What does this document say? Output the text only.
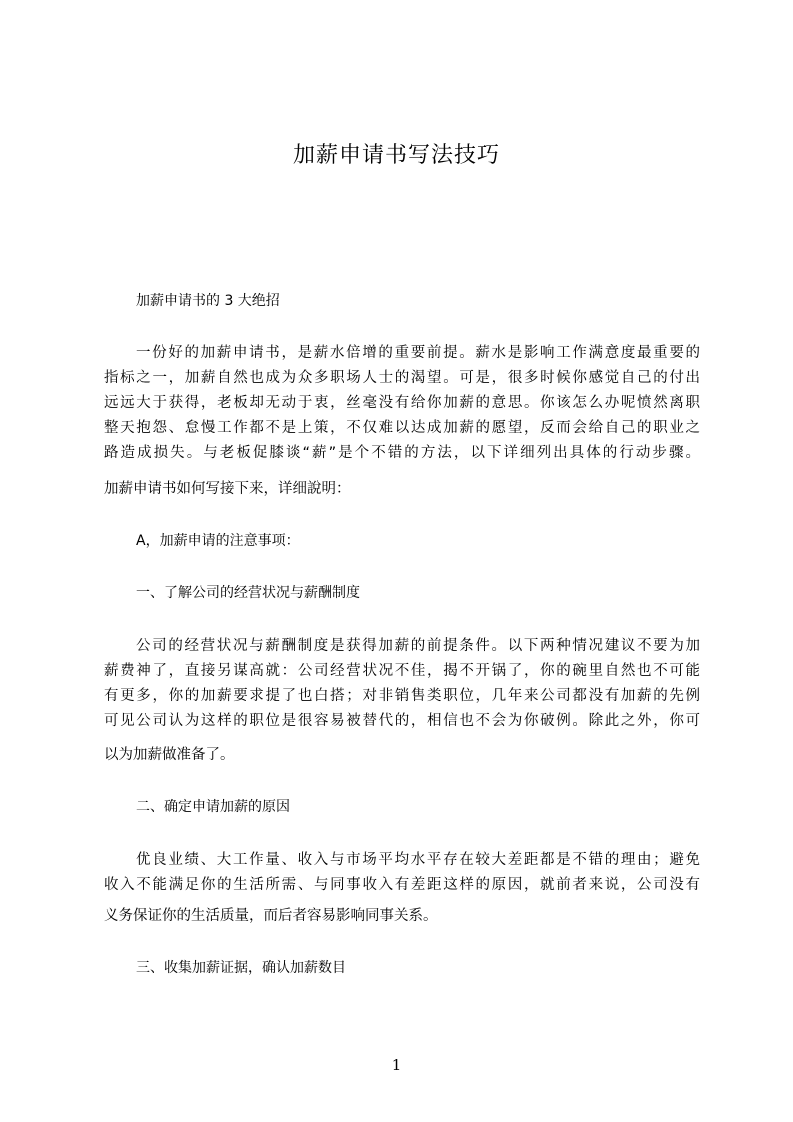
加薪申请书写法技巧

加薪申请书的 3 大绝招

一份好的加薪申请书，是薪水倍增的重要前提。薪水是影响工作满意度最重要的

指标之一，加薪自然也成为众多职场人士的渴望。可是，很多时候你感觉自己的付出

远远大于获得，老板却无动于衷，丝毫没有给你加薪的意思。你该怎么办呢愤然离职

整天抱怨、怠慢工作都不是上策，不仅难以达成加薪的愿望，反而会给自己的职业之

路造成损失。与老板促膝谈“薪”是个不错的方法，以下详细列出具体的行动步骤。

加薪申请书如何写接下来，详细說明：

A，加薪申请的注意事项：

一、了解公司的经营状况与薪酬制度

公司的经营状况与薪酬制度是获得加薪的前提条件。以下两种情况建议不要为加

薪费神了，直接另谋高就：公司经营状况不佳，揭不开锅了，你的碗里自然也不可能

有更多，你的加薪要求提了也白搭；对非销售类职位，几年来公司都没有加薪的先例

可见公司认为这样的职位是很容易被替代的，相信也不会为你破例。除此之外，你可

以为加薪做准备了。

二、确定申请加薪的原因

优良业绩、大工作量、收入与市场平均水平存在较大差距都是不错的理由；避免

收入不能满足你的生活所需、与同事收入有差距这样的原因，就前者来说，公司没有

义务保证你的生活质量，而后者容易影响同事关系。

三、收集加薪证据，确认加薪数目

1
